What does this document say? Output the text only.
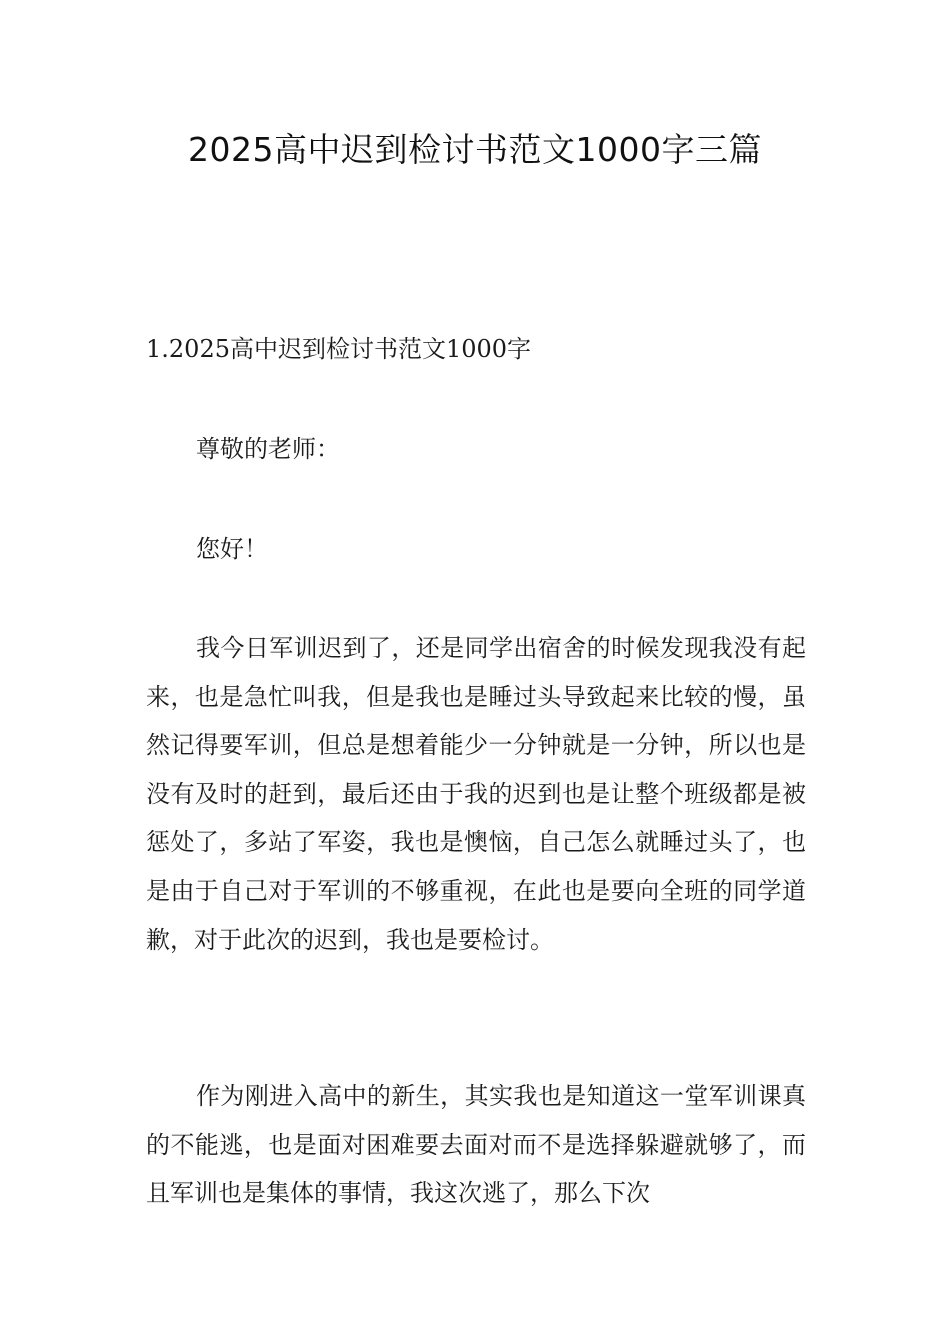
2025高中迟到检讨书范文1000字三篇
1.2025高中迟到检讨书范文1000字
尊敬的老师：
您好！

我今日军训迟到了，还是同学出宿舍的时候发现我没有起来，也是急忙叫我，但是我也是睡过头导致起来比较的慢，虽然记得要军训，但总是想着能少一分钟就是一分钟，所以也是没有及时的赶到，最后还由于我的迟到也是让整个班级都是被惩处了，多站了军姿，我也是懊恼，自己怎么就睡过头了，也是由于自己对于军训的不够重视，在此也是要向全班的同学道歉，对于此次的迟到，我也是要检讨。

作为刚进入高中的新生，其实我也是知道这一堂军训课真的不能逃，也是面对困难要去面对而不是选择躲避就够了，而且军训也是集体的事情，我这次逃了，那么下次
